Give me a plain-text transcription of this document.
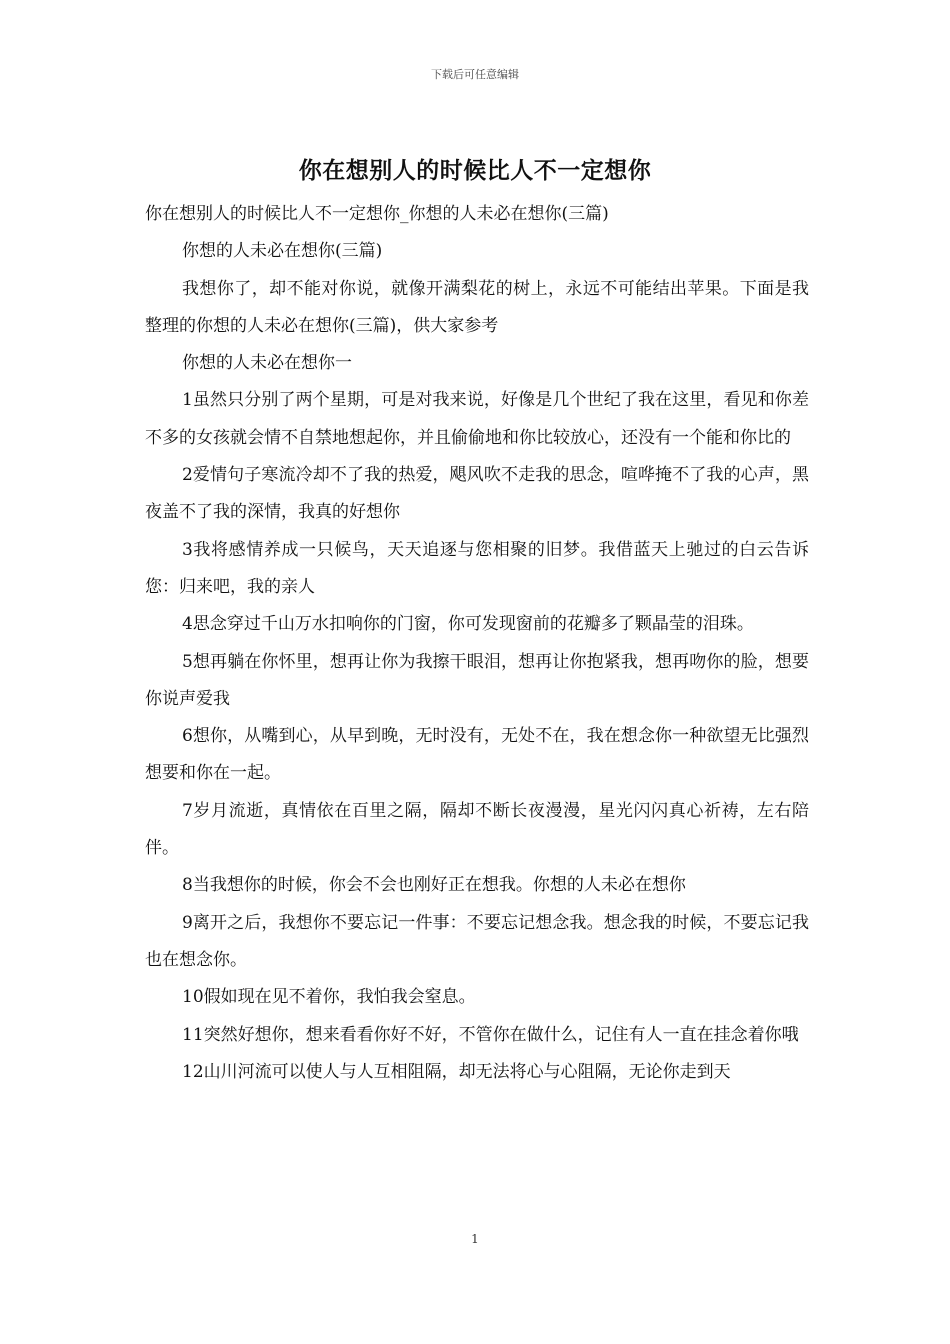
下载后可任意编辑
你在想别人的时候比人不一定想你

你在想别人的时候比人不一定想你_你想的人未必在想你(三篇)

你想的人未必在想你(三篇)

我想你了，却不能对你说，就像开满梨花的树上，永远不可能结出苹果。下面是我整理的你想的人未必在想你(三篇)，供大家参考

你想的人未必在想你一

1虽然只分别了两个星期，可是对我来说，好像是几个世纪了我在这里，看见和你差不多的女孩就会情不自禁地想起你，并且偷偷地和你比较放心，还没有一个能和你比的

2爱情句子寒流冷却不了我的热爱，飓风吹不走我的思念，喧哗掩不了我的心声，黑夜盖不了我的深情，我真的好想你

3我将感情养成一只候鸟，天天追逐与您相聚的旧梦。我借蓝天上驰过的白云告诉您：归来吧，我的亲人

4思念穿过千山万水扣响你的门窗，你可发现窗前的花瓣多了颗晶莹的泪珠。

5想再躺在你怀里，想再让你为我擦干眼泪，想再让你抱紧我，想再吻你的脸，想要你说声爱我

6想你，从嘴到心，从早到晚，无时没有，无处不在，我在想念你一种欲望无比强烈想要和你在一起。

7岁月流逝，真情依在百里之隔，隔却不断长夜漫漫，星光闪闪真心祈祷，左右陪伴。

8当我想你的时候，你会不会也刚好正在想我。你想的人未必在想你

9离开之后，我想你不要忘记一件事：不要忘记想念我。想念我的时候，不要忘记我也在想念你。

10假如现在见不着你，我怕我会窒息。

11突然好想你，想来看看你好不好，不管你在做什么，记住有人一直在挂念着你哦

12山川河流可以使人与人互相阻隔，却无法将心与心阻隔，无论你走到天

1
